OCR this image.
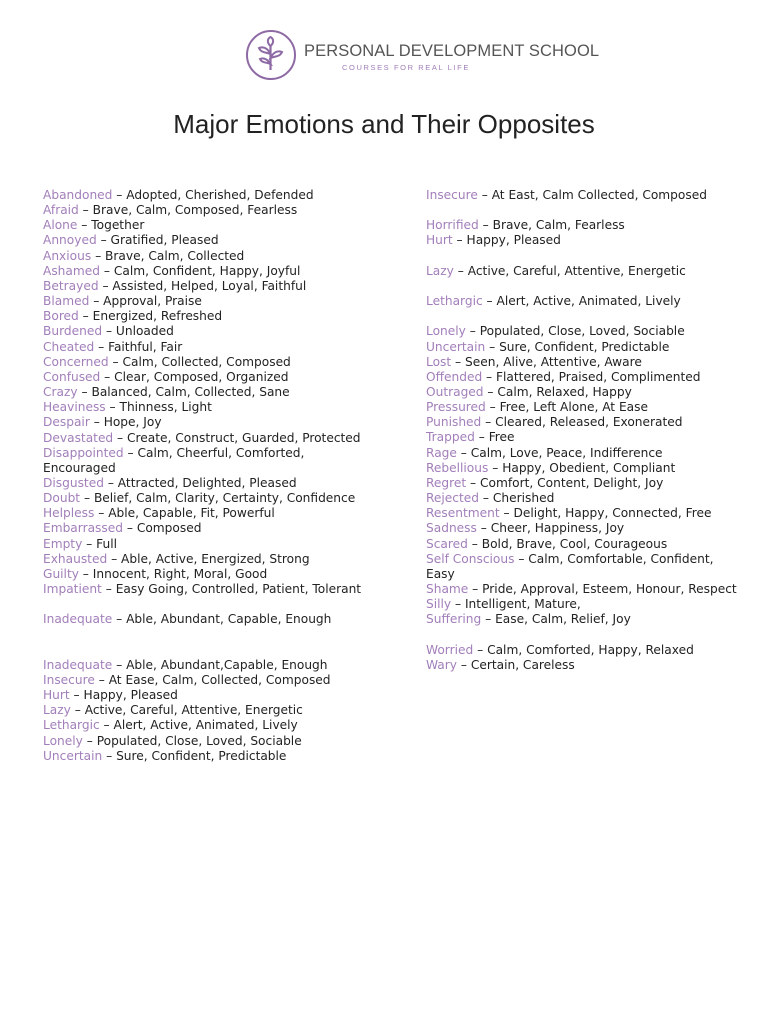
PERSONAL DEVELOPMENT SCHOOL
COURSES FOR REAL LIFE
Major Emotions and Their Opposites

Abandoned – Adopted, Cherished, Defended

Afraid – Brave, Calm, Composed, Fearless

Alone – Together

Annoyed – Gratified, Pleased

Anxious – Brave, Calm, Collected

Ashamed – Calm, Confident, Happy, Joyful

Betrayed – Assisted, Helped, Loyal, Faithful

Blamed – Approval, Praise

Bored – Energized, Refreshed

Burdened – Unloaded

Cheated – Faithful, Fair

Concerned – Calm, Collected, Composed

Confused – Clear, Composed, Organized

Crazy – Balanced, Calm, Collected, Sane

Heaviness – Thinness, Light

Despair – Hope, Joy

Devastated – Create, Construct, Guarded, Protected

Disappointed – Calm, Cheerful, Comforted,
Encouraged

Disgusted – Attracted, Delighted, Pleased

Doubt – Belief, Calm, Clarity, Certainty, Confidence

Helpless – Able, Capable, Fit, Powerful

Embarrassed – Composed

Empty – Full

Exhausted – Able, Active, Energized, Strong

Guilty – Innocent, Right, Moral, Good

Impatient – Easy Going, Controlled, Patient, Tolerant

Inadequate – Able, Abundant, Capable, Enough

Inadequate – Able, Abundant,Capable, Enough

Insecure – At Ease, Calm, Collected, Composed

Hurt – Happy, Pleased

Lazy – Active, Careful, Attentive, Energetic

Lethargic – Alert, Active, Animated, Lively

Lonely – Populated, Close, Loved, Sociable

Uncertain – Sure, Confident, Predictable

Insecure – At East, Calm Collected, Composed

Horrified – Brave, Calm, Fearless

Hurt – Happy, Pleased

Lazy – Active, Careful, Attentive, Energetic

Lethargic – Alert, Active, Animated, Lively

Lonely – Populated, Close, Loved, Sociable

Uncertain – Sure, Confident, Predictable

Lost – Seen, Alive, Attentive, Aware

Offended – Flattered, Praised, Complimented

Outraged – Calm, Relaxed, Happy

Pressured – Free, Left Alone, At Ease

Punished – Cleared, Released, Exonerated

Trapped – Free

Rage – Calm, Love, Peace, Indifference

Rebellious – Happy, Obedient, Compliant

Regret – Comfort, Content, Delight, Joy

Rejected – Cherished

Resentment – Delight, Happy, Connected, Free

Sadness – Cheer, Happiness, Joy

Scared – Bold, Brave, Cool, Courageous

Self Conscious – Calm, Comfortable, Confident,
Easy

Shame – Pride, Approval, Esteem, Honour, Respect

Silly – Intelligent, Mature,

Suffering – Ease, Calm, Relief, Joy

Worried – Calm, Comforted, Happy, Relaxed

Wary – Certain, Careless
